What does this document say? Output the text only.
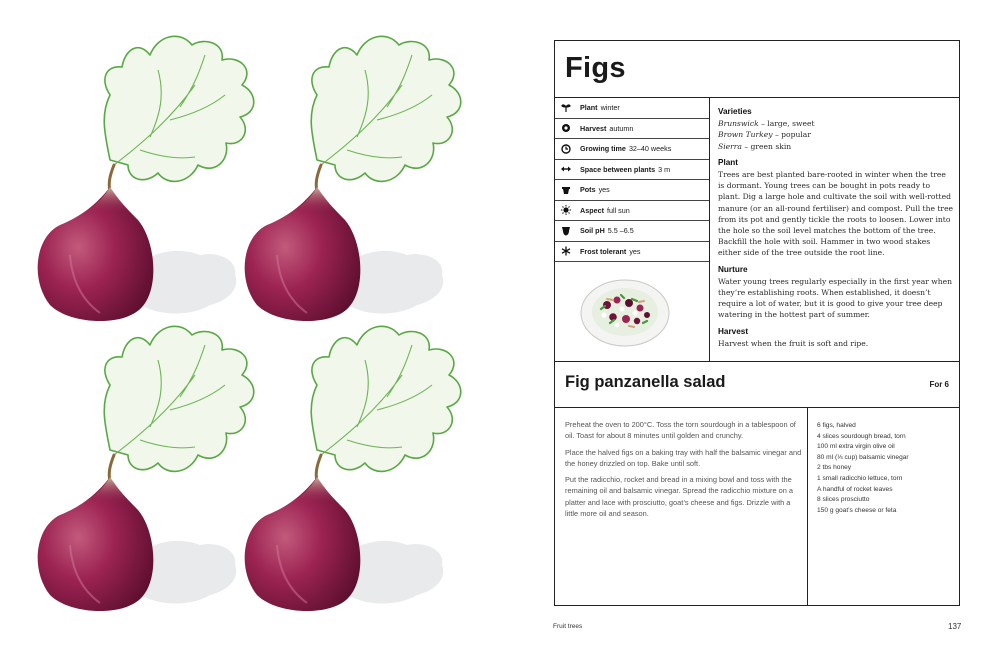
Figs
Plant winter
Harvest autumn
Growing time 32–40 weeks
Space between plants 3 m
Pots yes
Aspect full sun
Soil pH 5.5 –6.5
Frost tolerant yes
Varieties

Brunswick – large, sweet

Brown Turkey – popular

Sierra – green skin

Plant

Trees are best planted bare-rooted in winter when the tree is dormant. Young trees can be bought in pots ready to plant. Dig a large hole and cultivate the soil with well-rotted manure (or an all-round fertiliser) and compost. Pull the tree from its pot and gently tickle the roots to loosen. Lower into the hole so the soil level matches the bottom of the tree. Backfill the hole with soil. Hammer in two wood stakes either side of the tree outside the root line.

Nurture

Water young trees regularly especially in the first year when they’re establishing roots. When established, it doesn’t require a lot of water, but it is good to give your tree deep watering in the hottest part of summer.

Harvest

Harvest when the fruit is soft and ripe.

Fig panzanella salad	For 6

Preheat the oven to 200°C. Toss the torn sourdough in a tablespoon of oil. Toast for about 8 minutes until golden and crunchy.

Place the halved figs on a baking tray with half the balsamic vinegar and the honey drizzled on top. Bake until soft.

Put the radicchio, rocket and bread in a mixing bowl and toss with the remaining oil and balsamic vinegar. Spread the radicchio mixture on a platter and lace with prosciutto, goat’s cheese and figs. Drizzle with a little more oil and season.

6 figs, halved
4 slices sourdough bread, torn
100 ml extra virgin olive oil
80 ml (⅓ cup) balsamic vinegar
2 tbs honey
1 small radicchio lettuce, torn
A handful of rocket leaves
8 slices prosciutto
150 g goat’s cheese or feta
Fruit trees	137
